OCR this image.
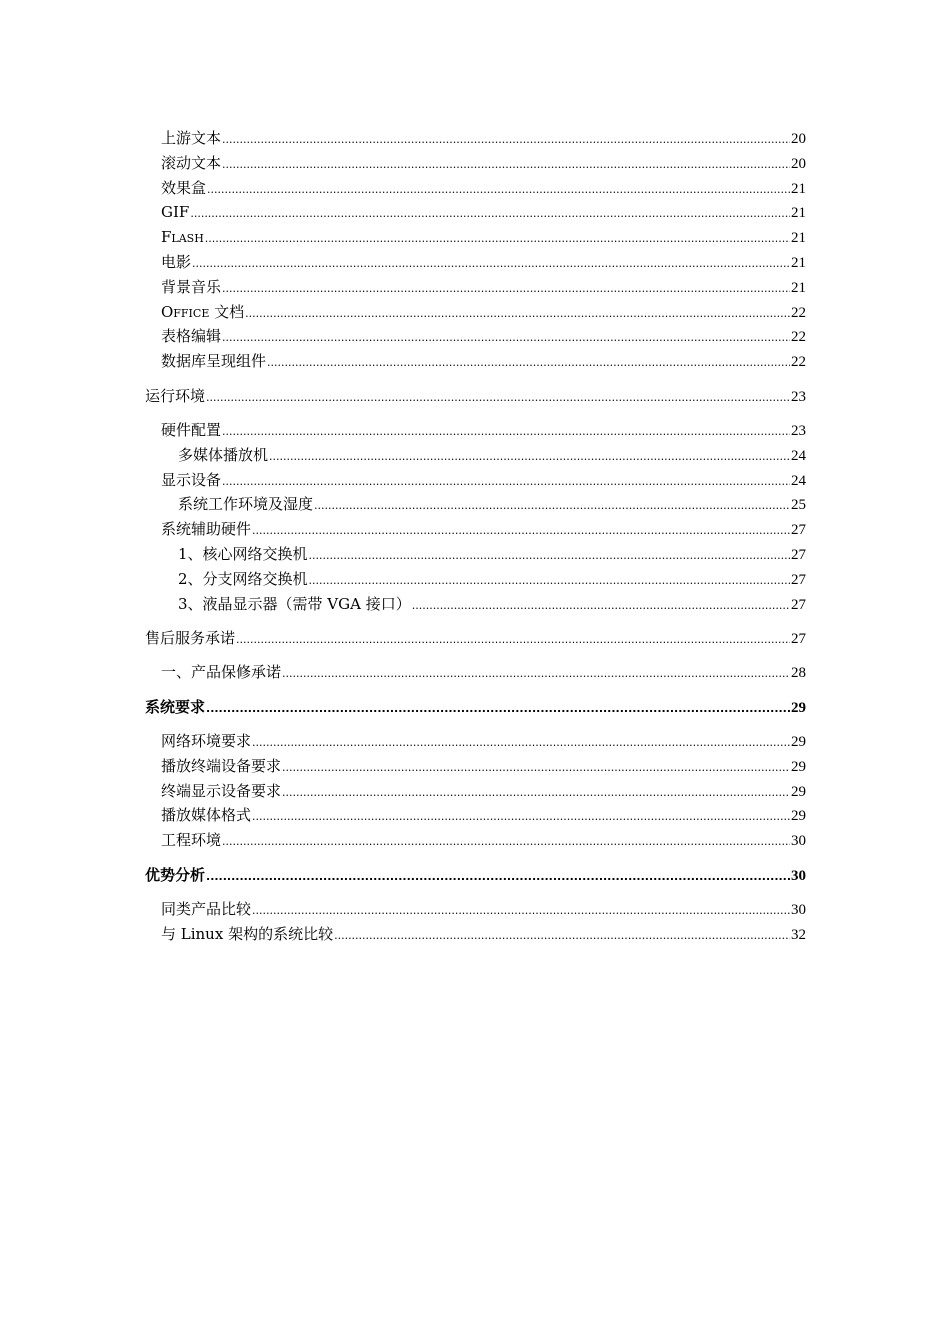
上游文本 .....	20
滚动文本 .....	20
效果盒 .....	21
GIF .....	21
Flash .....	21
电影 .....	21
背景音乐 .....	21
Office 文档 .....	22
表格编辑 .....	22
数据库呈现组件 .....	22
运行环境 .....	23
硬件配置 .....	23
多媒体播放机 .....	24
显示设备 .....	24
系统工作环境及湿度 .....	25
系统辅助硬件 .....	27
1、核心网络交换机 .....	27
2、分支网络交换机 .....	27
3、液晶显示器（需带 VGA 接口） .....	27
售后服务承诺 .....	27
一、产品保修承诺 .....	28
系统要求 .....	29
网络环境要求 .....	29
播放终端设备要求 .....	29
终端显示设备要求 .....	29
播放媒体格式 .....	29
工程环境 .....	30
优势分析 .....	30
同类产品比较 .....	30
与 Linux 架构的系统比较 .....	32
